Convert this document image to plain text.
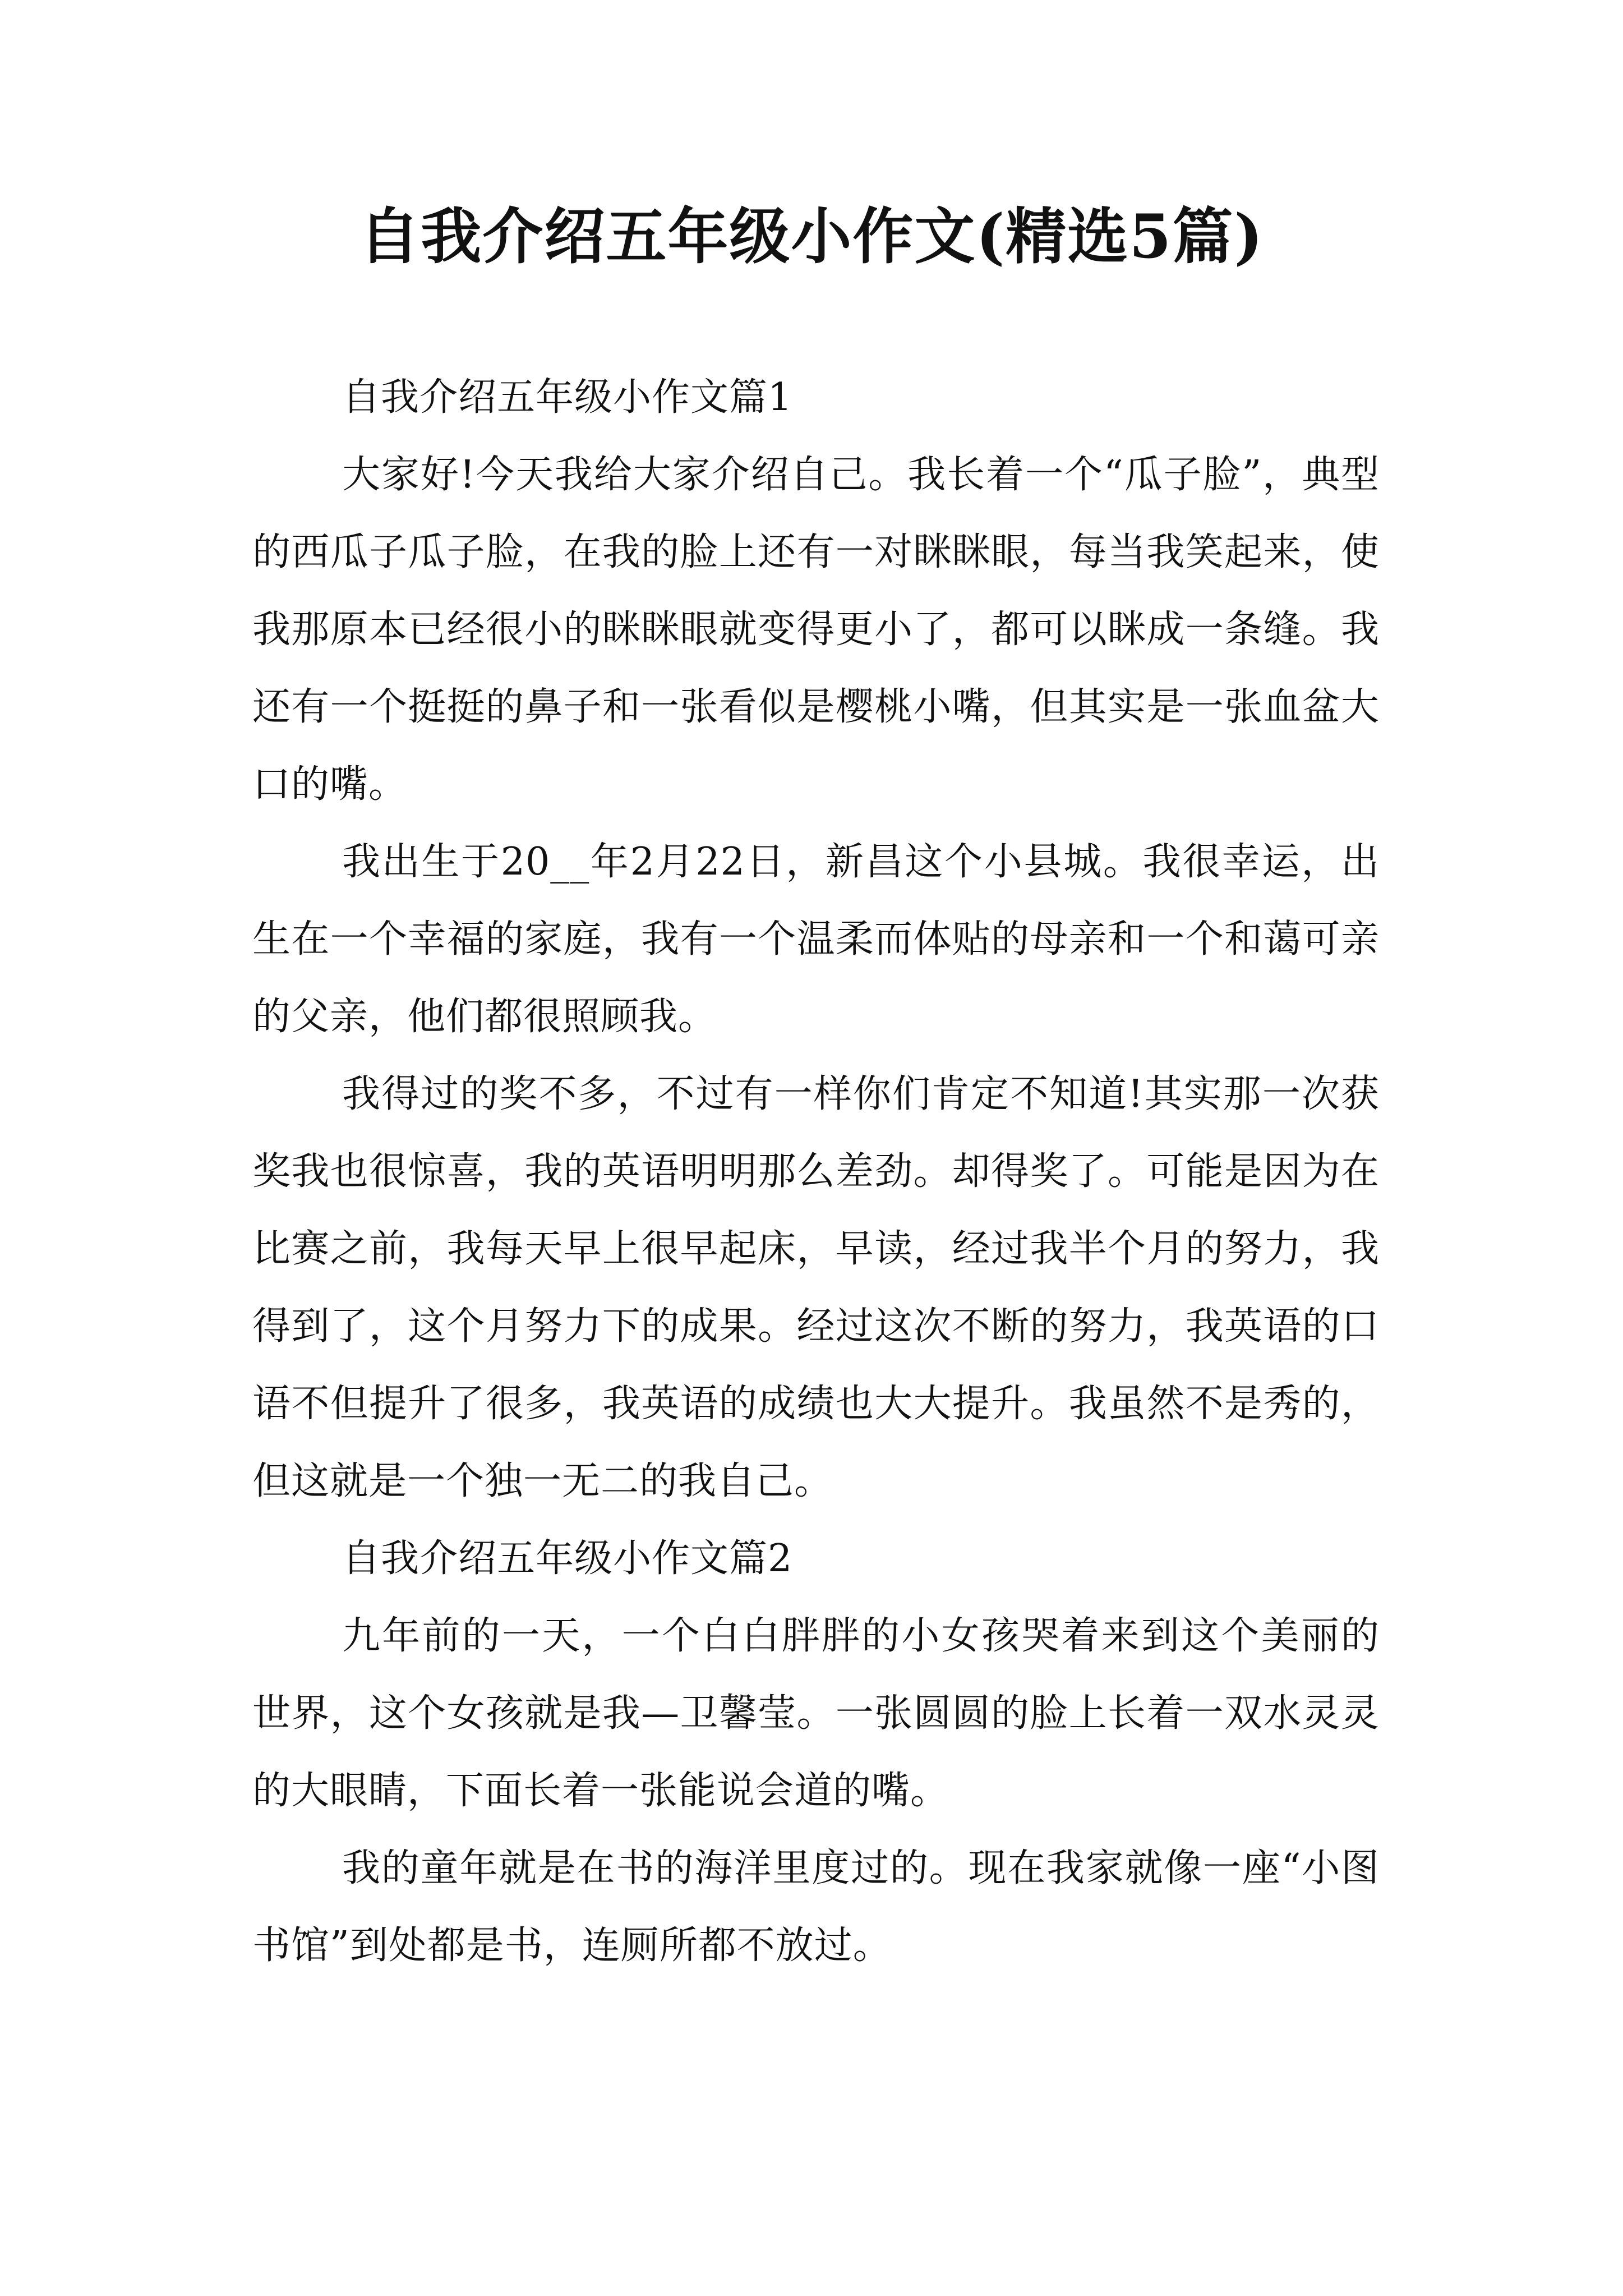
自我介绍五年级小作文(精选5篇)

自我介绍五年级小作文篇1

大家好!今天我给大家介绍自己。我长着一个“瓜子脸”，典型的西瓜子瓜子脸，在我的脸上还有一对眯眯眼，每当我笑起来，使我那原本已经很小的眯眯眼就变得更小了，都可以眯成一条缝。我还有一个挺挺的鼻子和一张看似是樱桃小嘴，但其实是一张血盆大口的嘴。

我出生于20__年2月22日，新昌这个小县城。我很幸运，出生在一个幸福的家庭，我有一个温柔而体贴的母亲和一个和蔼可亲的父亲，他们都很照顾我。

我得过的奖不多，不过有一样你们肯定不知道!其实那一次获奖我也很惊喜，我的英语明明那么差劲。却得奖了。可能是因为在比赛之前，我每天早上很早起床，早读，经过我半个月的努力，我得到了，这个月努力下的成果。经过这次不断的努力，我英语的口语不但提升了很多，我英语的成绩也大大提升。我虽然不是秀的，但这就是一个独一无二的我自己。

自我介绍五年级小作文篇2

九年前的一天，一个白白胖胖的小女孩哭着来到这个美丽的世界，这个女孩就是我—卫馨莹。一张圆圆的脸上长着一双水灵灵的大眼睛，下面长着一张能说会道的嘴。

我的童年就是在书的海洋里度过的。现在我家就像一座“小图书馆”到处都是书，连厕所都不放过。
